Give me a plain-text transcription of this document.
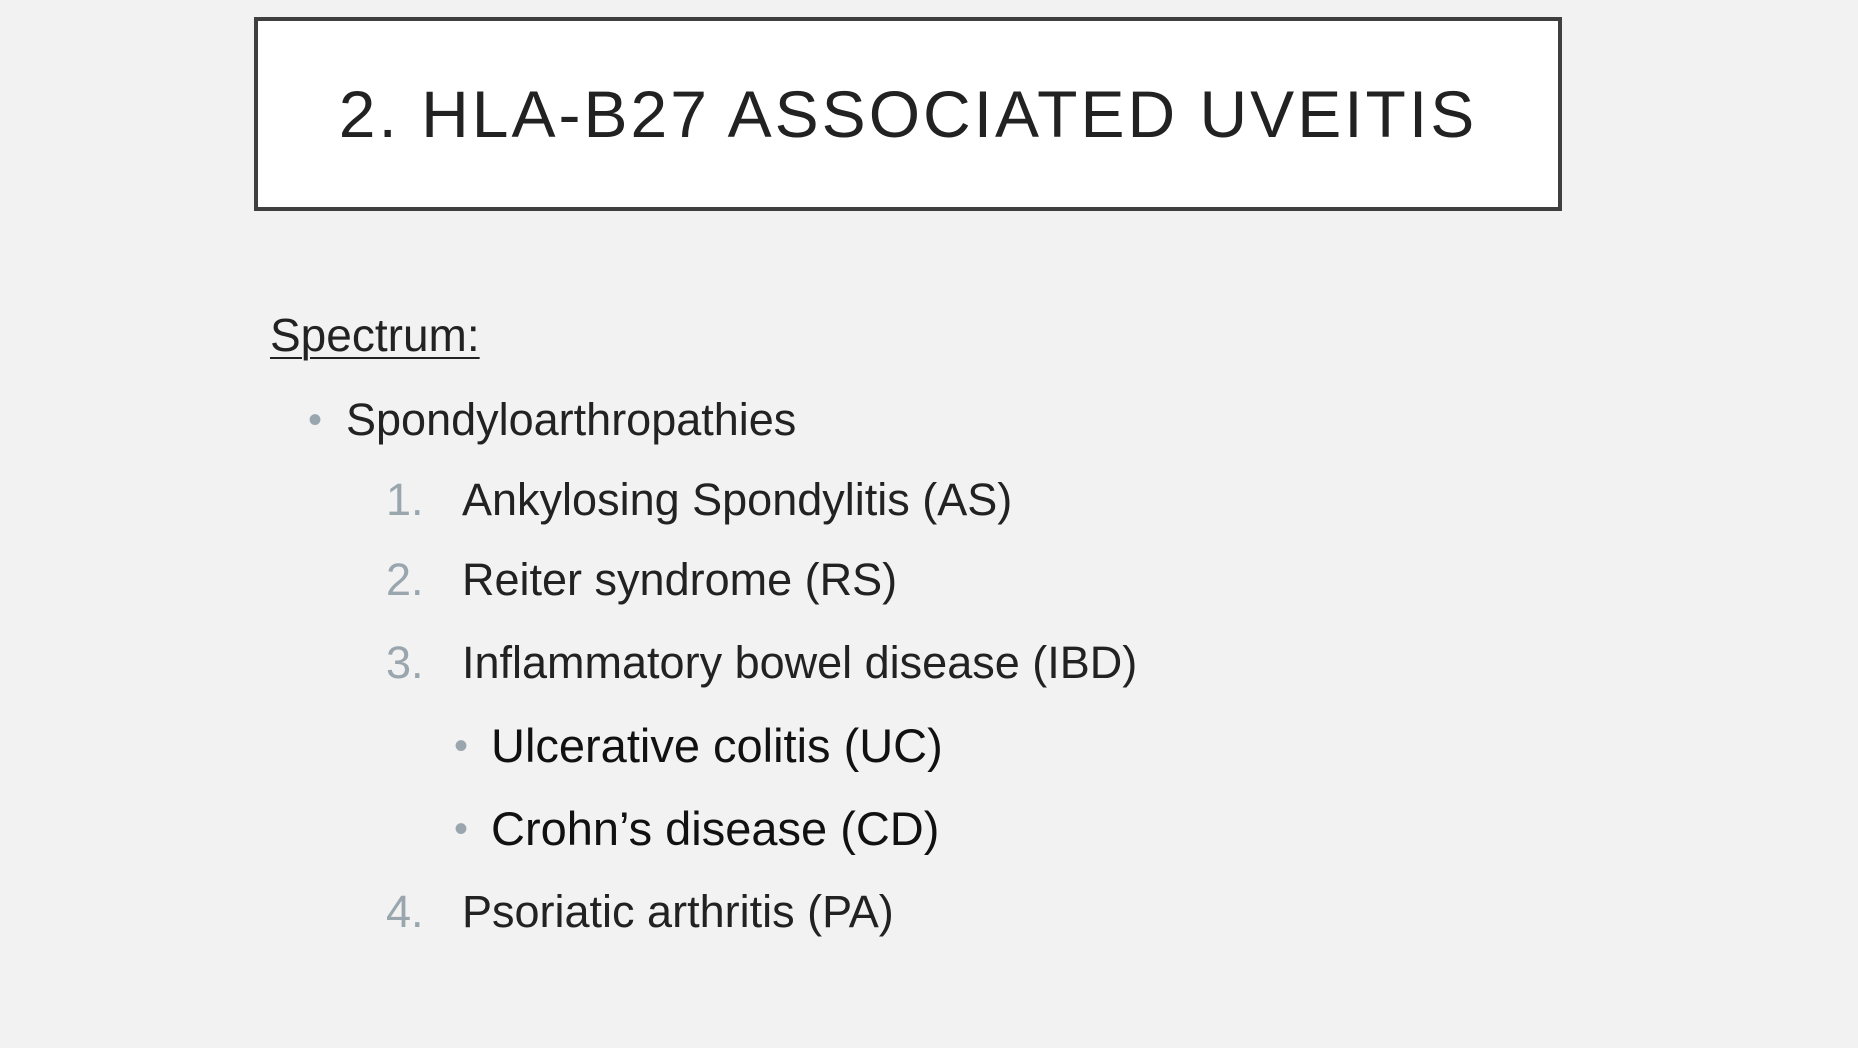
2. HLA-B27 ASSOCIATED UVEITIS
Spectrum:
• Spondyloarthropathies
1. Ankylosing Spondylitis (AS)
2. Reiter syndrome (RS)
3. Inflammatory bowel disease (IBD)
• Ulcerative colitis (UC)
• Crohn’s disease (CD)
4. Psoriatic arthritis (PA)
